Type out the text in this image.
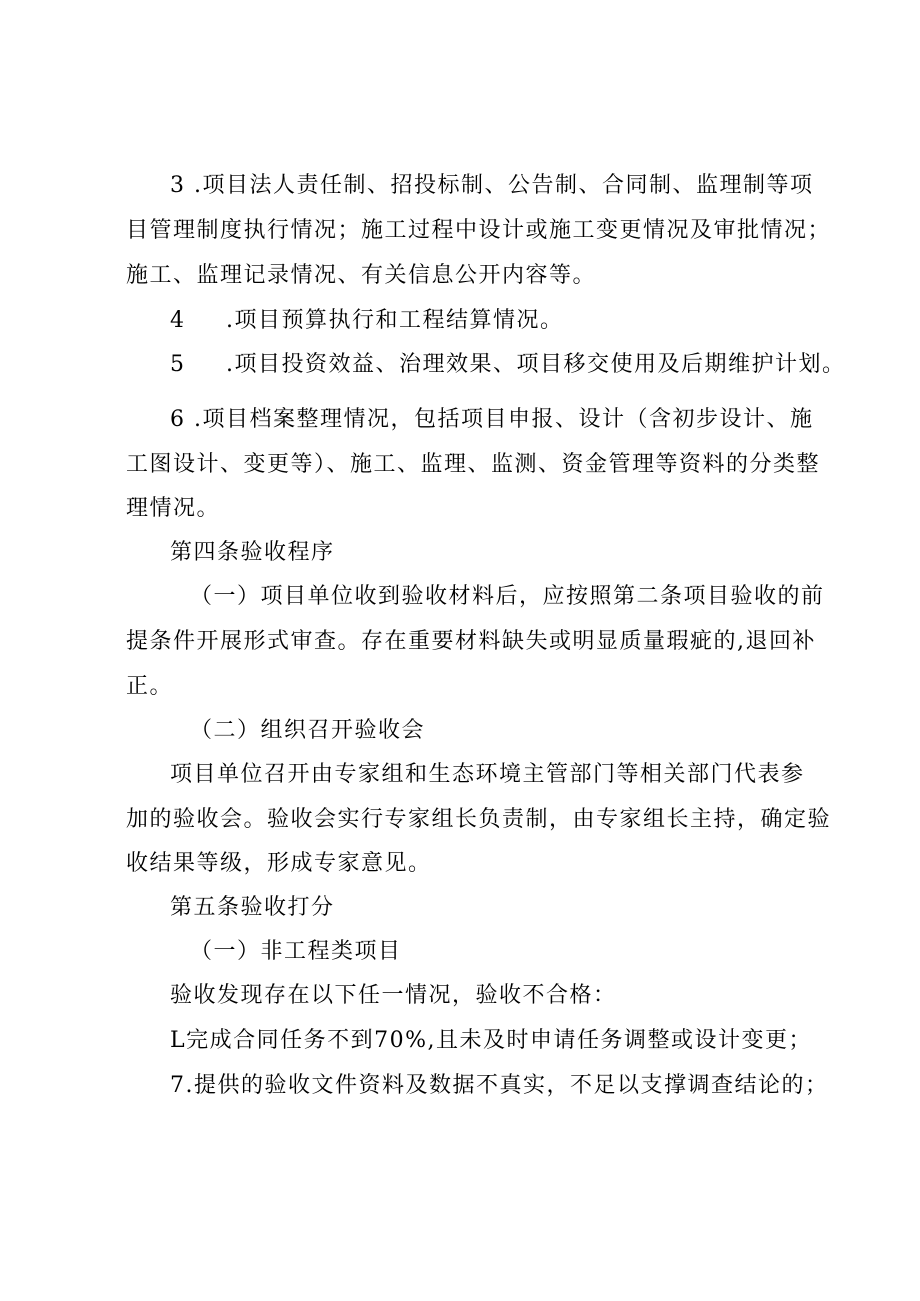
3 .项目法人责任制、招投标制、公告制、合同制、监理制等项
目管理制度执行情况；施工过程中设计或施工变更情况及审批情况；
施工、监理记录情况、有关信息公开内容等。
4 .项目预算执行和工程结算情况。
5 .项目投资效益、治理效果、项目移交使用及后期维护计划。
6 .项目档案整理情况，包括项目申报、设计（含初步设计、施
工图设计、变更等）、施工、监理、监测、资金管理等资料的分类整
理情况。
第四条验收程序
（一）项目单位收到验收材料后，应按照第二条项目验收的前
提条件开展形式审查。存在重要材料缺失或明显质量瑕疵的,退回补
正。
（二）组织召开验收会
项目单位召开由专家组和生态环境主管部门等相关部门代表参
加的验收会。验收会实行专家组长负责制，由专家组长主持，确定验
收结果等级，形成专家意见。
第五条验收打分
（一）非工程类项目
验收发现存在以下任一情况，验收不合格：
L完成合同任务不到70%,且未及时申请任务调整或设计变更；
7.提供的验收文件资料及数据不真实，不足以支撑调查结论的；
